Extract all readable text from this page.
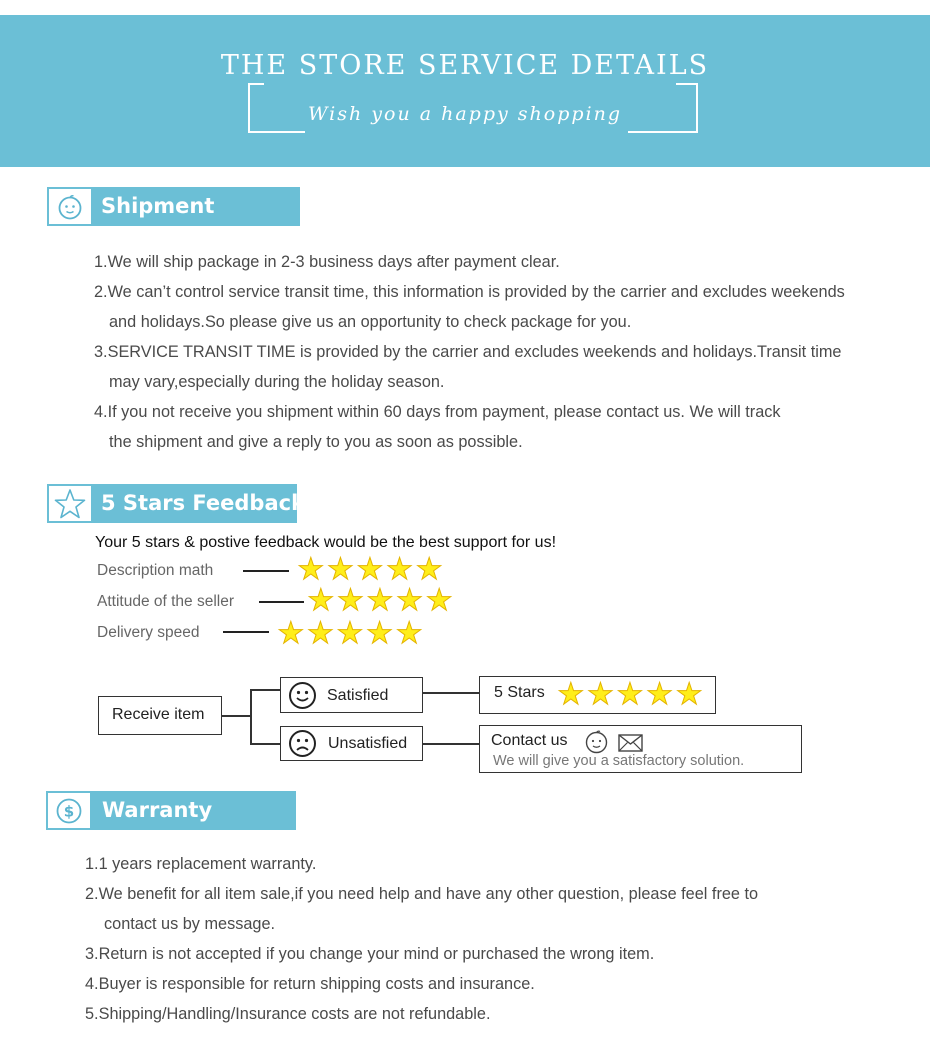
THE STORE SERVICE DETAILS
Wish you a happy shopping
Shipment
1.We will ship package in 2-3 business days after payment clear.
2.We can’t control service transit time, this information is provided by the carrier and excludes weekends
and holidays.So please give us an opportunity to check package for you.
3.SERVICE TRANSIT TIME is provided by the carrier and excludes weekends and holidays.Transit time
may vary,especially during the holiday season.
4.If you not receive you shipment within 60 days from payment, please contact us. We will track
the shipment and give a reply to you as soon as possible.
5 Stars Feedback
Your 5 stars & postive feedback would be the best support for us!
Description math	★★★★★
Attitude of the seller ★★★★★
Delivery speed	★★★★★
Receive item
Satisfied
Unsatisfied
5 Stars ★★★★★
Contact us
We will give you a satisfactory solution.
$ Warranty
1.1 years replacement warranty.
2.We benefit for all item sale,if you need help and have any other question, please feel free to
contact us by message.
3.Return is not accepted if you change your mind or purchased the wrong item.
4.Buyer is responsible for return shipping costs and insurance.
5.Shipping/Handling/Insurance costs are not refundable.
